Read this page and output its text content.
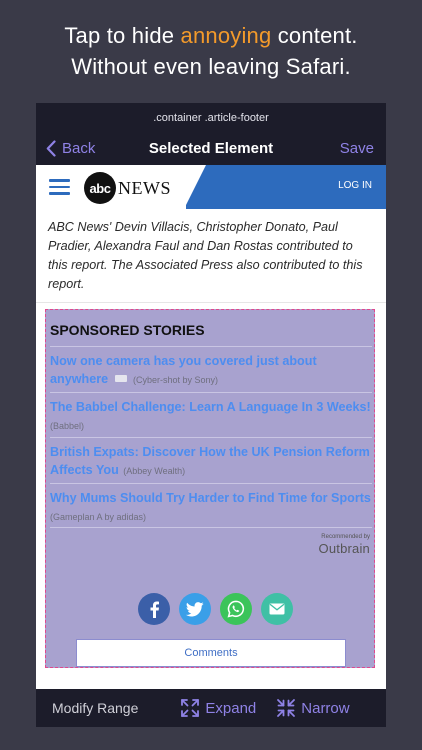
Tap to hide annoying content.
Without even leaving Safari.
.container .article-footer
Back	Selected Element	Save
abc NEWS	LOG IN
ABC News' Devin Villacis, Christopher Donato, Paul Pradier, Alexandra Faul and Dan Rostas contributed to this report. The Associated Press also contributed to this report.
SPONSORED STORIES
Now one camera has you covered just about anywhere	(Cyber-shot by Sony)
The Babbel Challenge: Learn A Language In 3 Weeks! (Babbel)
British Expats: Discover How the UK Pension Reform Affects You (Abbey Wealth)
Why Mums Should Try Harder to Find Time for Sports (Gameplan A by adidas)
Recommended by
Outbrain
Comments
Modify Range	Expand	Narrow
